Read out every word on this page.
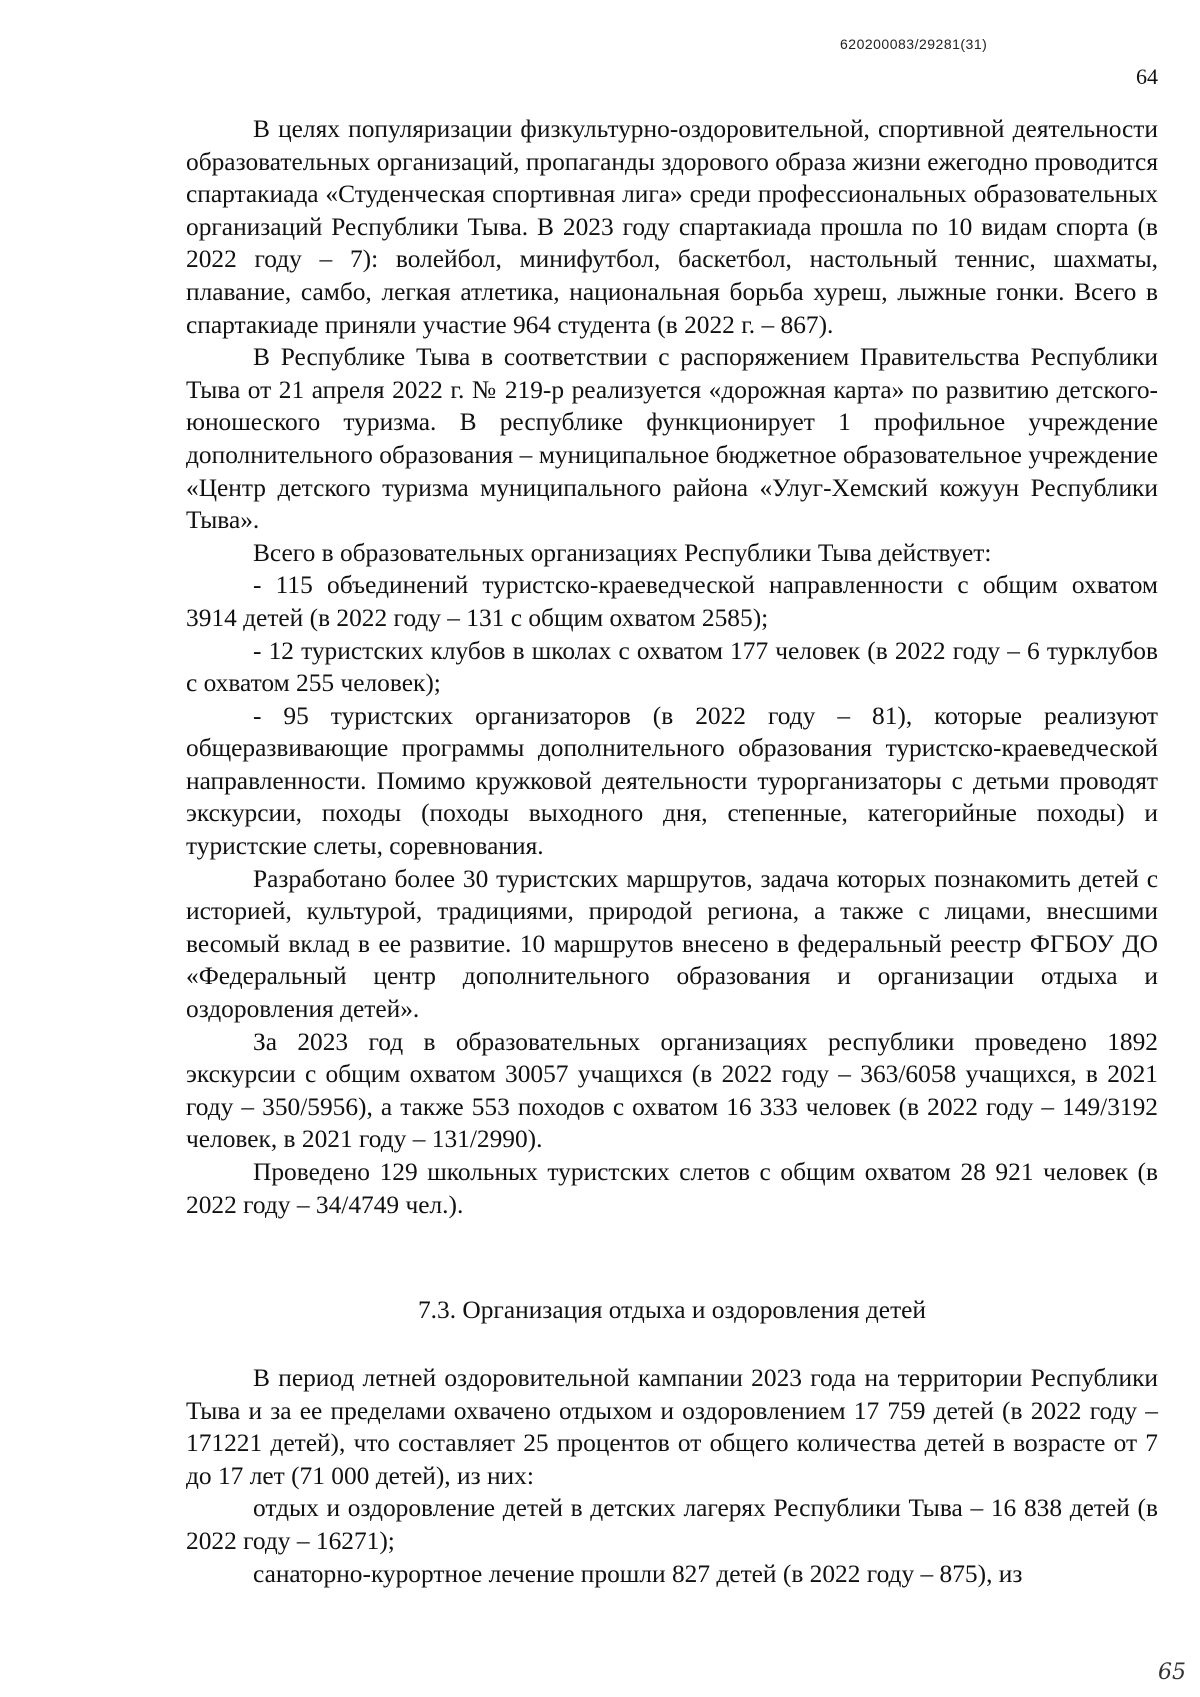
620200083/29281(31)
64

В целях популяризации физкультурно-оздоровительной, спортивной деятельности образовательных организаций, пропаганды здорового образа жизни ежегодно проводится спартакиада «Студенческая спортивная лига» среди профессиональных образовательных организаций Республики Тыва. В 2023 году спартакиада прошла по 10 видам спорта (в 2022 году – 7): волейбол, минифутбол, баскетбол, настольный теннис, шахматы, плавание, самбо, легкая атлетика, национальная борьба хуреш, лыжные гонки. Всего в спартакиаде приняли участие 964 студента (в 2022 г. – 867).

В Республике Тыва в соответствии с распоряжением Правительства Республики Тыва от 21 апреля 2022 г. № 219-р реализуется «дорожная карта» по развитию детского-юношеского туризма. В республике функционирует 1 профильное учреждение дополнительного образования – муниципальное бюджетное образовательное учреждение «Центр детского туризма муниципального района «Улуг-Хемский кожуун Республики Тыва».

Всего в образовательных организациях Республики Тыва действует:

- 115 объединений туристско-краеведческой направленности с общим охватом 3914 детей (в 2022 году – 131 с общим охватом 2585);

- 12 туристских клубов в школах с охватом 177 человек (в 2022 году – 6 турклубов с охватом 255 человек);

- 95 туристских организаторов (в 2022 году – 81), которые реализуют общеразвивающие программы дополнительного образования туристско-краеведческой направленности. Помимо кружковой деятельности турорганизаторы с детьми проводят экскурсии, походы (походы выходного дня, степенные, категорийные походы) и туристские слеты, соревнования.

Разработано более 30 туристских маршрутов, задача которых познакомить детей с историей, культурой, традициями, природой региона, а также с лицами, внесшими весомый вклад в ее развитие. 10 маршрутов внесено в федеральный реестр ФГБОУ ДО «Федеральный центр дополнительного образования и организации отдыха и оздоровления детей».

За 2023 год в образовательных организациях республики проведено 1892 экскурсии с общим охватом 30057 учащихся (в 2022 году – 363/6058 учащихся, в 2021 году – 350/5956), а также 553 походов с охватом 16 333 человек (в 2022 году – 149/3192 человек, в 2021 году – 131/2990).

Проведено 129 школьных туристских слетов с общим охватом 28 921 человек (в 2022 году – 34/4749 чел.).

7.3. Организация отдыха и оздоровления детей

В период летней оздоровительной кампании 2023 года на территории Республики Тыва и за ее пределами охвачено отдыхом и оздоровлением 17 759 детей (в 2022 году – 171221 детей), что составляет 25 процентов от общего количества детей в возрасте от 7 до 17 лет (71 000 детей), из них:

отдых и оздоровление детей в детских лагерях Республики Тыва – 16 838 детей (в 2022 году – 16271);

санаторно-курортное лечение прошли 827 детей (в 2022 году – 875), из

65
